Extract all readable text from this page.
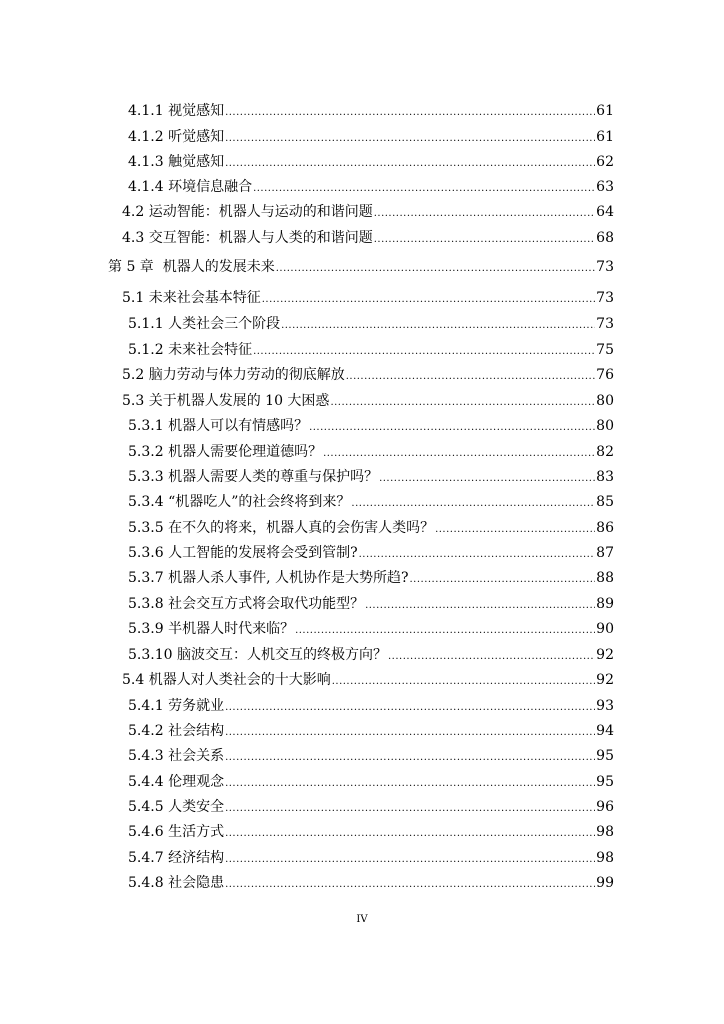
4.1.1 视觉感知 .....	61
4.1.2 听觉感知 .....	61
4.1.3 触觉感知 .....	62
4.1.4 环境信息融合 .....	63
4.2 运动智能：机器人与运动的和谐问题 .....	64
4.3 交互智能：机器人与人类的和谐问题 .....	68
第 5 章 机器人的发展未来 .....	73
5.1 未来社会基本特征 .....	73
5.1.1 人类社会三个阶段 .....	73
5.1.2 未来社会特征 .....	75
5.2 脑力劳动与体力劳动的彻底解放 .....	76
5.3 关于机器人发展的 10 大困惑 .....	80
5.3.1 机器人可以有情感吗？ .....	80
5.3.2 机器人需要伦理道德吗？ .....	82
5.3.3 机器人需要人类的尊重与保护吗？ .....	83
5.3.4 “机器吃人”的社会终将到来？ .....	85
5.3.5 在不久的将来，机器人真的会伤害人类吗？ .....	86
5.3.6 人工智能的发展将会受到管制? .....	87
5.3.7 机器人杀人事件, 人机协作是大势所趋? .....	88
5.3.8 社会交互方式将会取代功能型？ .....	89
5.3.9 半机器人时代来临？ .....	90
5.3.10 脑波交互：人机交互的终极方向？ .....	92
5.4 机器人对人类社会的十大影响 .....	92
5.4.1 劳务就业 .....	93
5.4.2 社会结构 .....	94
5.4.3 社会关系 .....	95
5.4.4 伦理观念 .....	95
5.4.5 人类安全 .....	96
5.4.6 生活方式 .....	98
5.4.7 经济结构 .....	98
5.4.8 社会隐患 .....	99
IV
